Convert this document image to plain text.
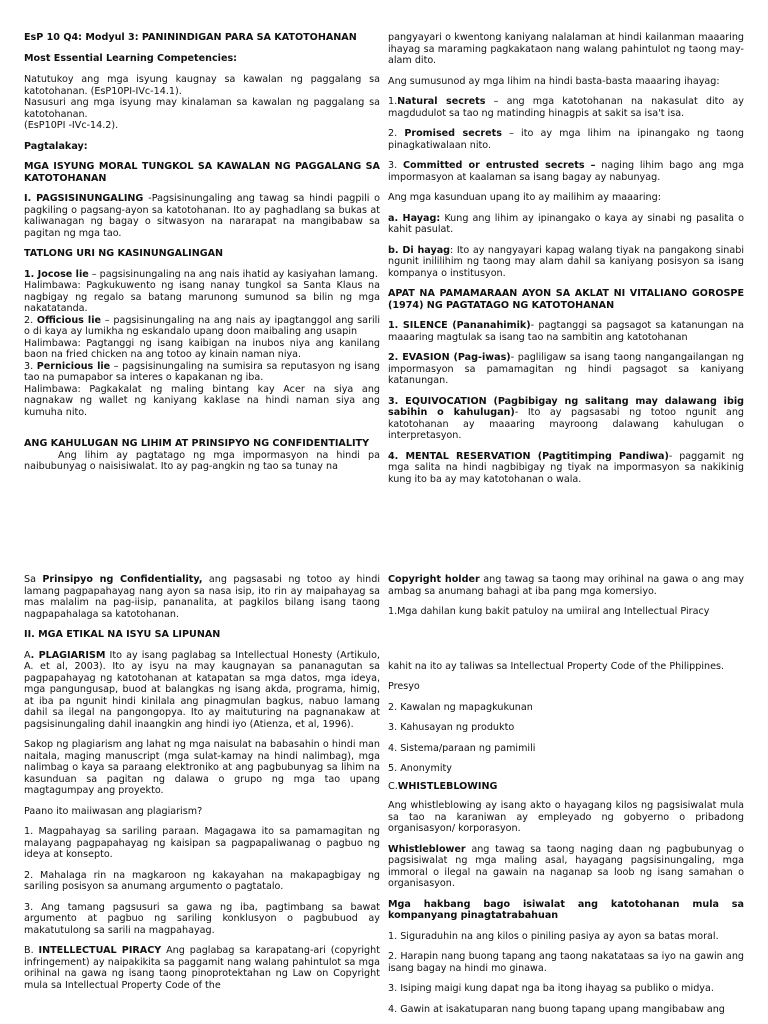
EsP 10 Q4: Modyul 3: PANININDIGAN PARA SA KATOTOHANAN

Most Essential Learning Competencies:

Natutukoy ang mga isyung kaugnay sa kawalan ng paggalang sa katotohanan. (EsP10PI-IVc-14.1).

Nasusuri ang mga isyung may kinalaman sa kawalan ng paggalang sa katotohanan.

(EsP10PI -IVc-14.2).

Pagtalakay:

MGA ISYUNG MORAL TUNGKOL SA KAWALAN NG PAGGALANG SA KATOTOHANAN

I. PAGSISINUNGALING -Pagsisinungaling ang tawag sa hindi pagpili o pagkiling o pagsang-ayon sa katotohanan. Ito ay paghadlang sa bukas at kaliwanagan ng bagay o sitwasyon na nararapat na mangibabaw sa pagitan ng mga tao.

TATLONG URI NG KASINUNGALINGAN

1. Jocose lie – pagsisinungaling na ang nais ihatid ay kasiyahan lamang.

Halimbawa: Pagkukuwento ng isang nanay tungkol sa Santa Klaus na nagbigay ng regalo sa batang marunong sumunod sa bilin ng mga nakatatanda.

2. Officious lie – pagsisinungaling na ang nais ay ipagtanggol ang sarili o di kaya ay lumikha ng eskandalo upang doon maibaling ang usapin

Halimbawa: Pagtanggi ng isang kaibigan na inubos niya ang kanilang baon na fried chicken na ang totoo ay kinain naman niya.

3. Pernicious lie – pagsisinungaling na sumisira sa reputasyon ng isang tao na pumapabor sa interes o kapakanan ng iba.

Halimbawa: Pagkakalat ng maling bintang kay Acer na siya ang nagnakaw ng wallet ng kaniyang kaklase na hindi naman siya ang kumuha nito.

ANG KAHULUGAN NG LIHIM AT PRINSIPYO NG CONFIDENTIALITY

Ang lihim ay pagtatago ng mga impormasyon na hindi pa naibubunyag o naisisiwalat. Ito ay pag-angkin ng tao sa tunay na

pangyayari o kwentong kaniyang nalalaman at hindi kailanman maaaring ihayag sa maraming pagkakataon nang walang pahintulot ng taong may-alam dito.

Ang sumusunod ay mga lihim na hindi basta-basta maaaring ihayag:

1.Natural secrets – ang mga katotohanan na nakasulat dito ay magdudulot sa tao ng matinding hinagpis at sakit sa isa't isa.

2. Promised secrets – ito ay mga lihim na ipinangako ng taong pinagkatiwalaan nito.

3. Committed or entrusted secrets – naging lihim bago ang mga impormasyon at kaalaman sa isang bagay ay nabunyag.

Ang mga kasunduan upang ito ay mailihim ay maaaring:

a. Hayag: Kung ang lihim ay ipinangako o kaya ay sinabi ng pasalita o kahit pasulat.

b. Di hayag: Ito ay nangyayari kapag walang tiyak na pangakong sinabi ngunit inililihim ng taong may alam dahil sa kaniyang posisyon sa isang kompanya o institusyon.

APAT NA PAMAMARAAN AYON SA AKLAT NI VITALIANO GOROSPE (1974) NG PAGTATAGO NG KATOTOHANAN

1. SILENCE (Pananahimik)- pagtanggi sa pagsagot sa katanungan na maaaring magtulak sa isang tao na sambitin ang katotohanan

2. EVASION (Pag-iwas)- pagliligaw sa isang taong nangangailangan ng impormasyon sa pamamagitan ng hindi pagsagot sa kaniyang katanungan.

3. EQUIVOCATION (Pagbibigay ng salitang may dalawang ibig sabihin o kahulugan)- Ito ay pagsasabi ng totoo ngunit ang katotohanan ay maaaring mayroong dalawang kahulugan o interpretasyon.

4. MENTAL RESERVATION (Pagtitimping Pandiwa)- paggamit ng mga salita na hindi nagbibigay ng tiyak na impormasyon sa nakikinig kung ito ba ay may katotohanan o wala.

Sa Prinsipyo ng Confidentiality, ang pagsasabi ng totoo ay hindi lamang pagpapahayag nang ayon sa nasa isip, ito rin ay maipahayag sa mas malalim na pag-iisip, pananalita, at pagkilos bilang isang taong nagpapahalaga sa katotohanan.

II. MGA ETIKAL NA ISYU SA LIPUNAN

A. PLAGIARISM Ito ay isang paglabag sa Intellectual Honesty (Artikulo, A. et al, 2003). Ito ay isyu na may kaugnayan sa pananagutan sa pagpapahayag ng katotohanan at katapatan sa mga datos, mga ideya, mga pangungusap, buod at balangkas ng isang akda, programa, himig, at iba pa ngunit hindi kinilala ang pinagmulan bagkus, nabuo lamang dahil sa ilegal na pangongopya. Ito ay maituturing na pagnanakaw at pagsisinungaling dahil inaangkin ang hindi iyo (Atienza, et al, 1996).

Sakop ng plagiarism ang lahat ng mga naisulat na babasahin o hindi man naitala, maging manuscript (mga sulat-kamay na hindi nalimbag), mga nalimbag o kaya sa paraang elektroniko at ang pagbubunyag sa lihim na kasunduan sa pagitan ng dalawa o grupo ng mga tao upang magtagumpay ang proyekto.

Paano ito maiiwasan ang plagiarism?

1. Magpahayag sa sariling paraan. Magagawa ito sa pamamagitan ng malayang pagpapahayag ng kaisipan sa pagpapaliwanag o pagbuo ng ideya at konsepto.

2. Mahalaga rin na magkaroon ng kakayahan na makapagbigay ng sariling posisyon sa anumang argumento o pagtatalo.

3. Ang tamang pagsusuri sa gawa ng iba, pagtimbang sa bawat argumento at pagbuo ng sariling konklusyon o pagbubuod ay makatutulong sa sarili na magpahayag.

B. INTELLECTUAL PIRACY Ang paglabag sa karapatang-ari (copyright infringement) ay naipakikita sa paggamit nang walang pahintulot sa mga orihinal na gawa ng isang taong pinoprotektahan ng Law on Copyright mula sa Intellectual Property Code of the

Copyright holder ang tawag sa taong may orihinal na gawa o ang may ambag sa anumang bahagi at iba pang mga komersiyo.

1.Mga dahilan kung bakit patuloy na umiiral ang Intellectual Piracy

kahit na ito ay taliwas sa Intellectual Property Code of the Philippines.

Presyo

2. Kawalan ng mapagkukunan

3. Kahusayan ng produkto

4. Sistema/paraan ng pamimili

5. Anonymity

C.WHISTLEBLOWING

Ang whistleblowing ay isang akto o hayagang kilos ng pagsisiwalat mula sa tao na karaniwan ay empleyado ng gobyerno o pribadong organisasyon/ korporasyon.

Whistleblower ang tawag sa taong naging daan ng pagbubunyag o pagsisiwalat ng mga maling asal, hayagang pagsisinungaling, mga immoral o ilegal na gawain na naganap sa loob ng isang samahan o organisasyon.

Mga hakbang bago isiwalat ang katotohanan mula sa kompanyang pinagtatrabahuan

1. Siguraduhin na ang kilos o piniling pasiya ay ayon sa batas moral.

2. Harapin nang buong tapang ang taong nakatataas sa iyo na gawin ang isang bagay na hindi mo ginawa.

3. Isiping maigi kung dapat nga ba itong ihayag sa publiko o midya.

4. Gawin at isakatuparan nang buong tapang upang mangibabaw ang
